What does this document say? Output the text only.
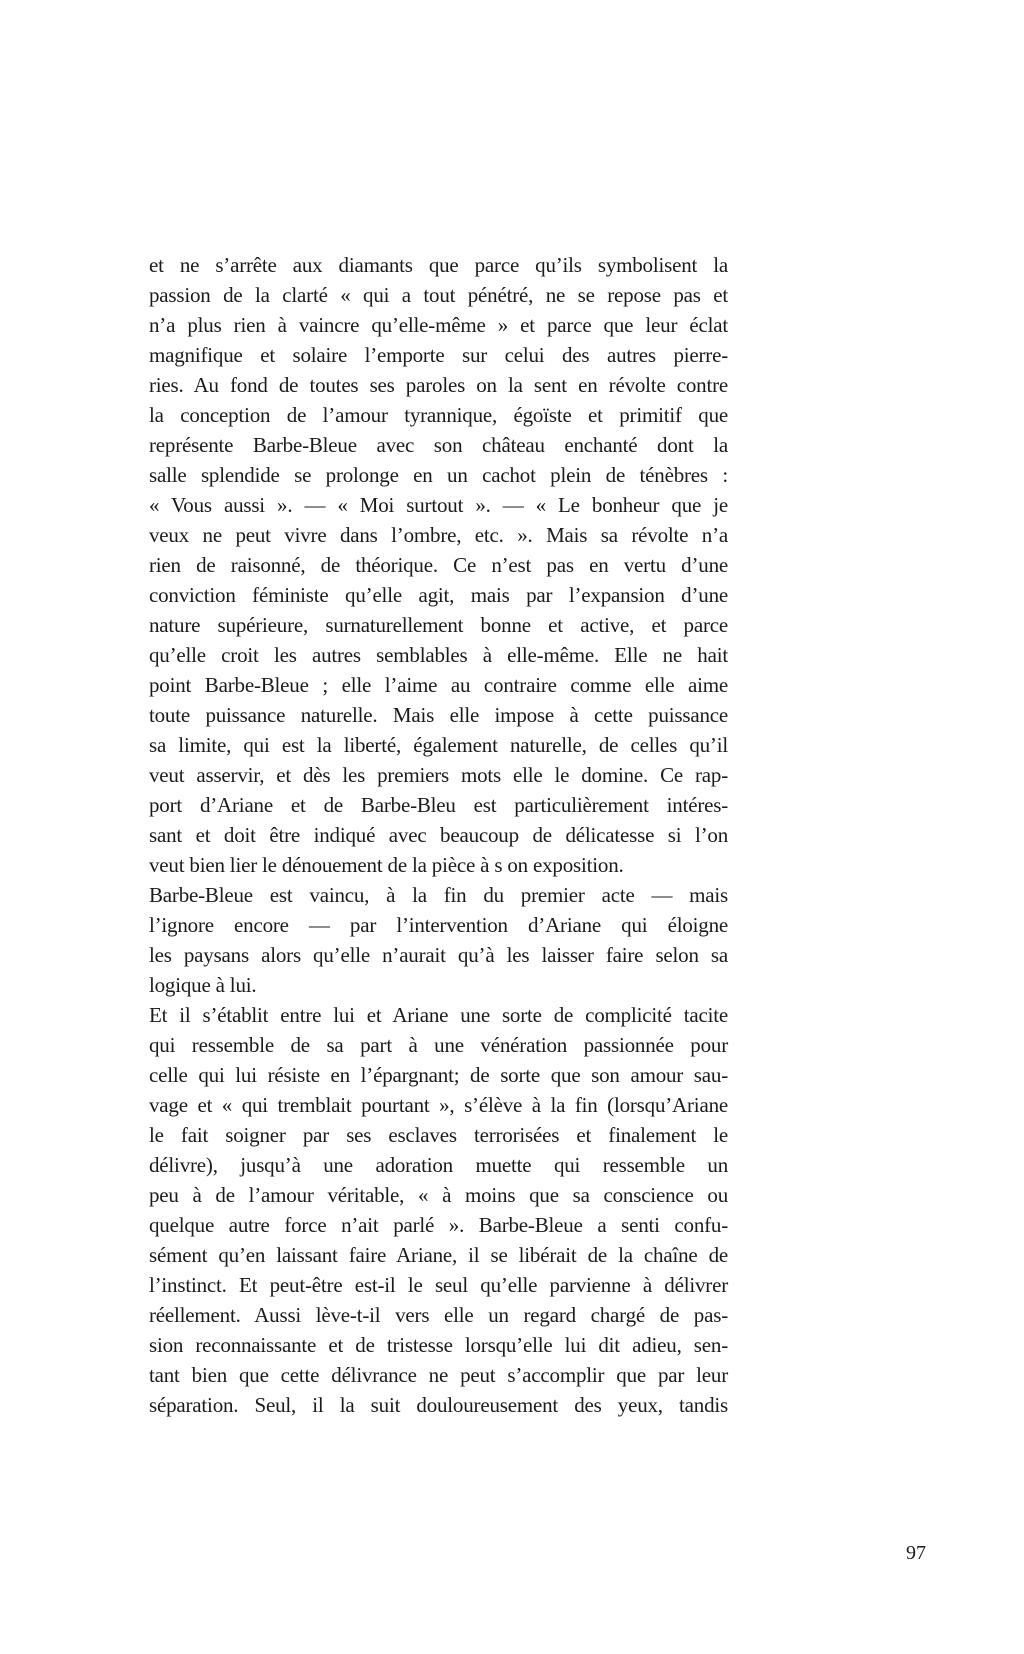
et ne s’arrête aux diamants que parce qu’ils symbolisent la
passion de la clarté « qui a tout pénétré, ne se repose pas et
n’a plus rien à vaincre qu’elle-même » et parce que leur éclat
magnifique et solaire l’emporte sur celui des autres pierre-
ries. Au fond de toutes ses paroles on la sent en révolte contre
la conception de l’amour tyrannique, égoïste et primitif que
représente Barbe-Bleue avec son château enchanté dont la
salle splendide se prolonge en un cachot plein de ténèbres :
« Vous aussi ». — « Moi surtout ». — « Le bonheur que je
veux ne peut vivre dans l’ombre, etc. ». Mais sa révolte n’a
rien de raisonné, de théorique. Ce n’est pas en vertu d’une
conviction féministe qu’elle agit, mais par l’expansion d’une
nature supérieure, surnaturellement bonne et active, et parce
qu’elle croit les autres semblables à elle-même. Elle ne hait
point Barbe-Bleue ; elle l’aime au contraire comme elle aime
toute puissance naturelle. Mais elle impose à cette puissance
sa limite, qui est la liberté, également naturelle, de celles qu’il
veut asservir, et dès les premiers mots elle le domine. Ce rap-
port d’Ariane et de Barbe-Bleu est particulièrement intéres-
sant et doit être indiqué avec beaucoup de délicatesse si l’on
veut bien lier le dénouement de la pièce à s on exposition.
Barbe-Bleue est vaincu, à la fin du premier acte — mais
l’ignore encore — par l’intervention d’Ariane qui éloigne
les paysans alors qu’elle n’aurait qu’à les laisser faire selon sa
logique à lui.
Et il s’établit entre lui et Ariane une sorte de complicité tacite
qui ressemble de sa part à une vénération passionnée pour
celle qui lui résiste en l’épargnant; de sorte que son amour sau-
vage et « qui tremblait pourtant », s’élève à la fin (lorsqu’Ariane
le fait soigner par ses esclaves terrorisées et finalement le
délivre), jusqu’à une adoration muette qui ressemble un
peu à de l’amour véritable, « à moins que sa conscience ou
quelque autre force n’ait parlé ». Barbe-Bleue a senti confu-
sément qu’en laissant faire Ariane, il se libérait de la chaîne de
l’instinct. Et peut-être est-il le seul qu’elle parvienne à délivrer
réellement. Aussi lève-t-il vers elle un regard chargé de pas-
sion reconnaissante et de tristesse lorsqu’elle lui dit adieu, sen-
tant bien que cette délivrance ne peut s’accomplir que par leur
séparation. Seul, il la suit douloureusement des yeux, tandis
97
